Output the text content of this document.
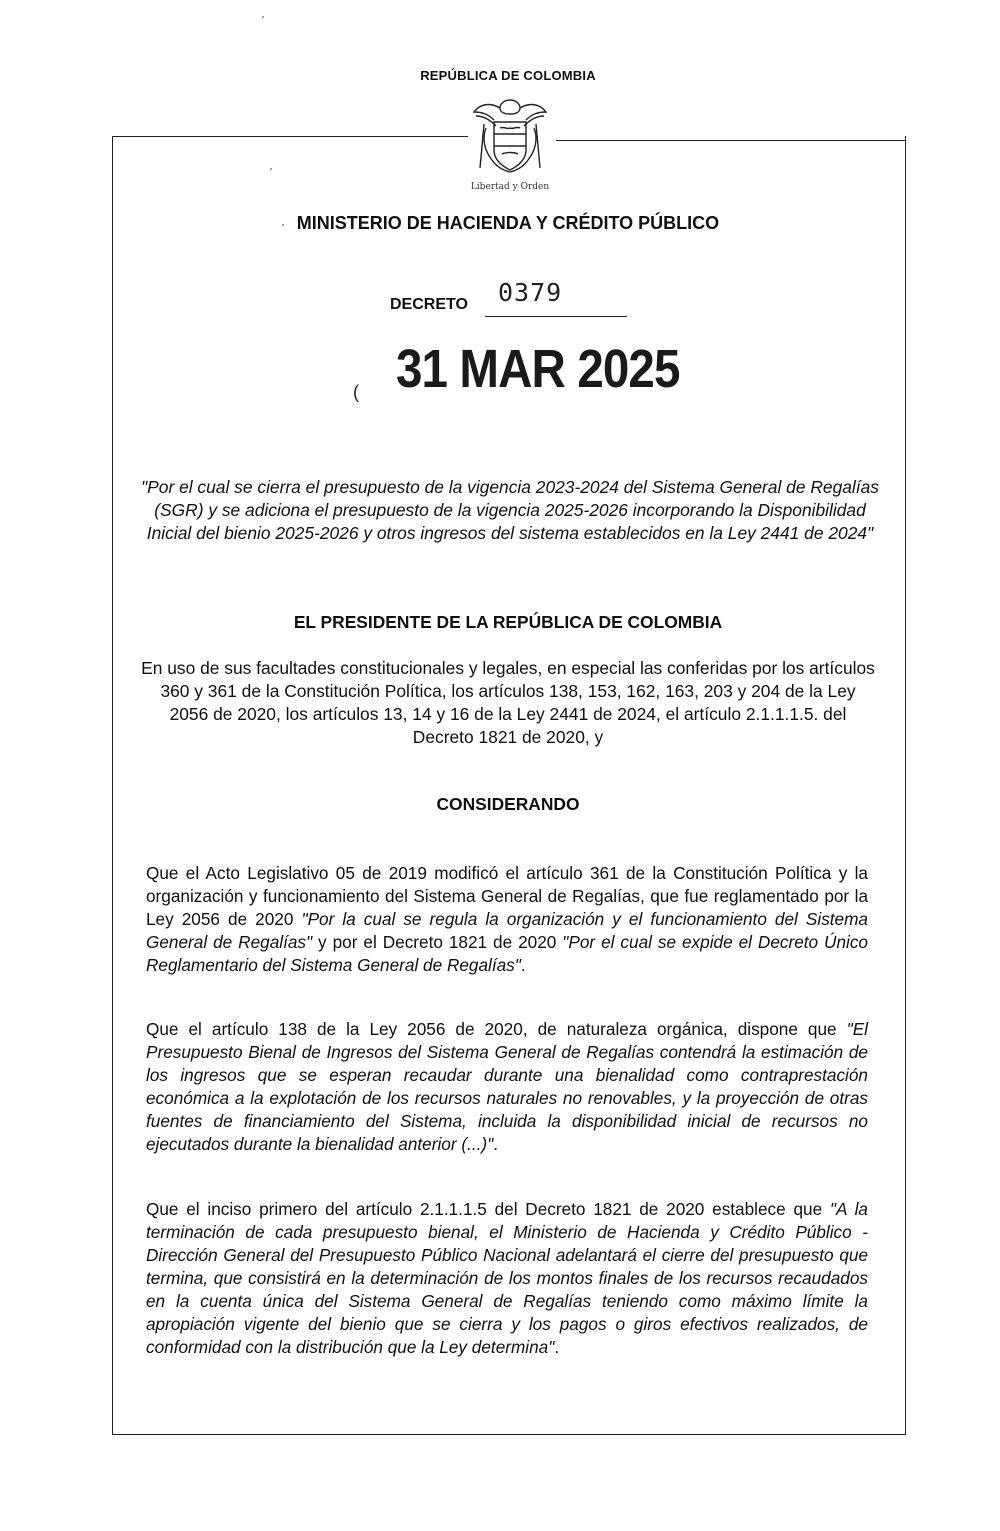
REPÚBLICA DE COLOMBIA
Libertad y Orden
MINISTERIO DE HACIENDA Y CRÉDITO PÚBLICO
DECRETO 0379
( 31 MAR 2025
"Por el cual se cierra el presupuesto de la vigencia 2023-2024 del Sistema General de Regalías (SGR) y se adiciona el presupuesto de la vigencia 2025-2026 incorporando la Disponibilidad Inicial del bienio 2025-2026 y otros ingresos del sistema establecidos en la Ley 2441 de 2024"
EL PRESIDENTE DE LA REPÚBLICA DE COLOMBIA
En uso de sus facultades constitucionales y legales, en especial las conferidas por los artículos 360 y 361 de la Constitución Política, los artículos 138, 153, 162, 163, 203 y 204 de la Ley 2056 de 2020, los artículos 13, 14 y 16 de la Ley 2441 de 2024, el artículo 2.1.1.1.5. del Decreto 1821 de 2020, y
CONSIDERANDO
Que el Acto Legislativo 05 de 2019 modificó el artículo 361 de la Constitución Política y la organización y funcionamiento del Sistema General de Regalías, que fue reglamentado por la Ley 2056 de 2020 "Por la cual se regula la organización y el funcionamiento del Sistema General de Regalías" y por el Decreto 1821 de 2020 "Por el cual se expide el Decreto Único Reglamentario del Sistema General de Regalías".
Que el artículo 138 de la Ley 2056 de 2020, de naturaleza orgánica, dispone que "El Presupuesto Bienal de Ingresos del Sistema General de Regalías contendrá la estimación de los ingresos que se esperan recaudar durante una bienalidad como contraprestación económica a la explotación de los recursos naturales no renovables, y la proyección de otras fuentes de financiamiento del Sistema, incluida la disponibilidad inicial de recursos no ejecutados durante la bienalidad anterior (...)".
Que el inciso primero del artículo 2.1.1.1.5 del Decreto 1821 de 2020 establece que "A la terminación de cada presupuesto bienal, el Ministerio de Hacienda y Crédito Público -Dirección General del Presupuesto Público Nacional adelantará el cierre del presupuesto que termina, que consistirá en la determinación de los montos finales de los recursos recaudados en la cuenta única del Sistema General de Regalías teniendo como máximo límite la apropiación vigente del bienio que se cierra y los pagos o giros efectivos realizados, de conformidad con la distribución que la Ley determina".
